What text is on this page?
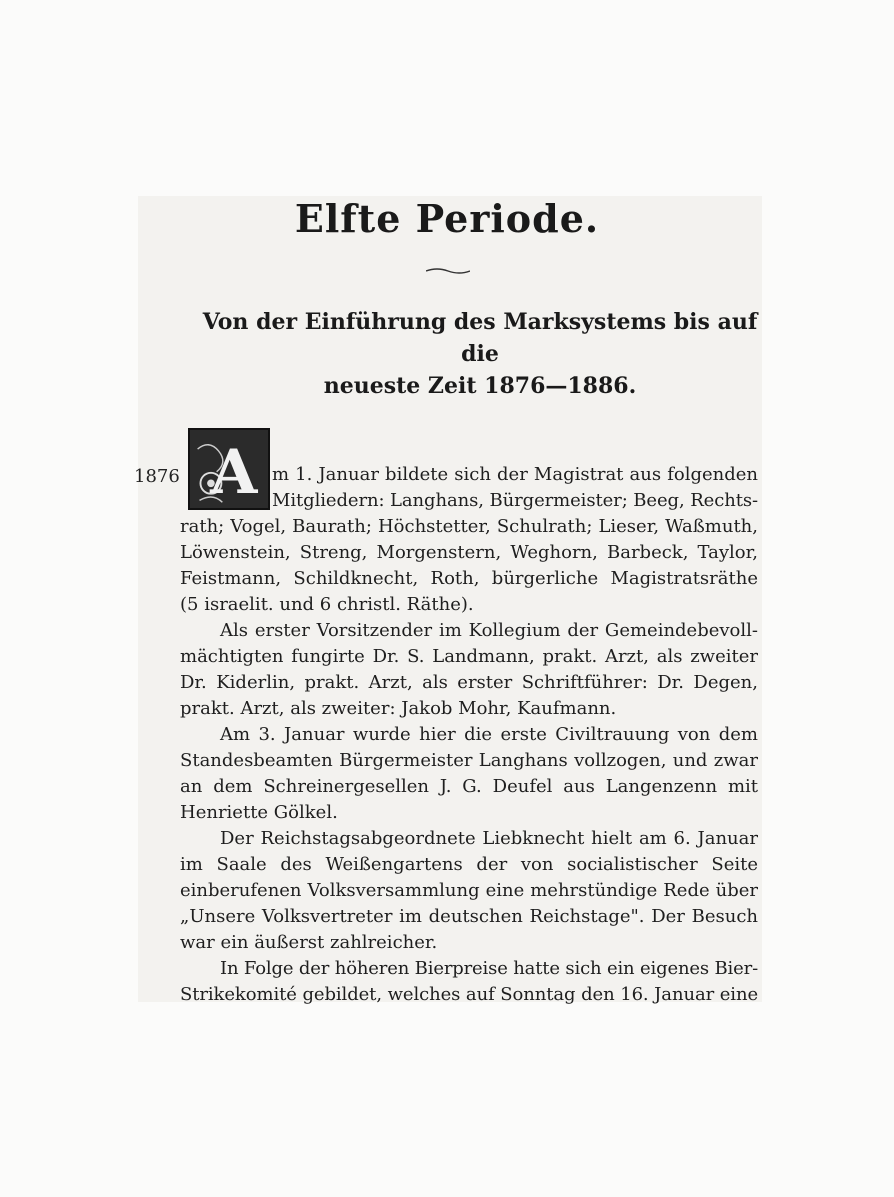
Elfte Periode.
Von der Einführung des Marksystems bis auf die
neueste Zeit 1876—1886.
1876 A m 1. Januar bildete sich der Magistrat aus folgenden
Mitgliedern: Langhans, Bürgermeister; Beeg, Rechts-
rath; Vogel, Baurath; Höchstetter, Schulrath; Lieser, Waßmuth,
Löwenstein, Streng, Morgenstern, Weghorn, Barbeck, Taylor,
Feistmann, Schildknecht, Roth, bürgerliche Magistratsräthe
(5 israelit. und 6 christl. Räthe).
Als erster Vorsitzender im Kollegium der Gemeindebevoll-
mächtigten fungirte Dr. S. Landmann, prakt. Arzt, als zweiter
Dr. Kiderlin, prakt. Arzt, als erster Schriftführer: Dr. Degen,
prakt. Arzt, als zweiter: Jakob Mohr, Kaufmann.
Am 3. Januar wurde hier die erste Civiltrauung von dem
Standesbeamten Bürgermeister Langhans vollzogen, und zwar
an dem Schreinergesellen J. G. Deufel aus Langenzenn mit
Henriette Gölkel.
Der Reichstagsabgeordnete Liebknecht hielt am 6. Januar
im Saale des Weißengartens der von socialistischer Seite
einberufenen Volksversammlung eine mehrstündige Rede über
„Unsere Volksvertreter im deutschen Reichstage". Der Besuch
war ein äußerst zahlreicher.
In Folge der höheren Bierpreise hatte sich ein eigenes Bier-
Strikekomité gebildet, welches auf Sonntag den 16. Januar eine
